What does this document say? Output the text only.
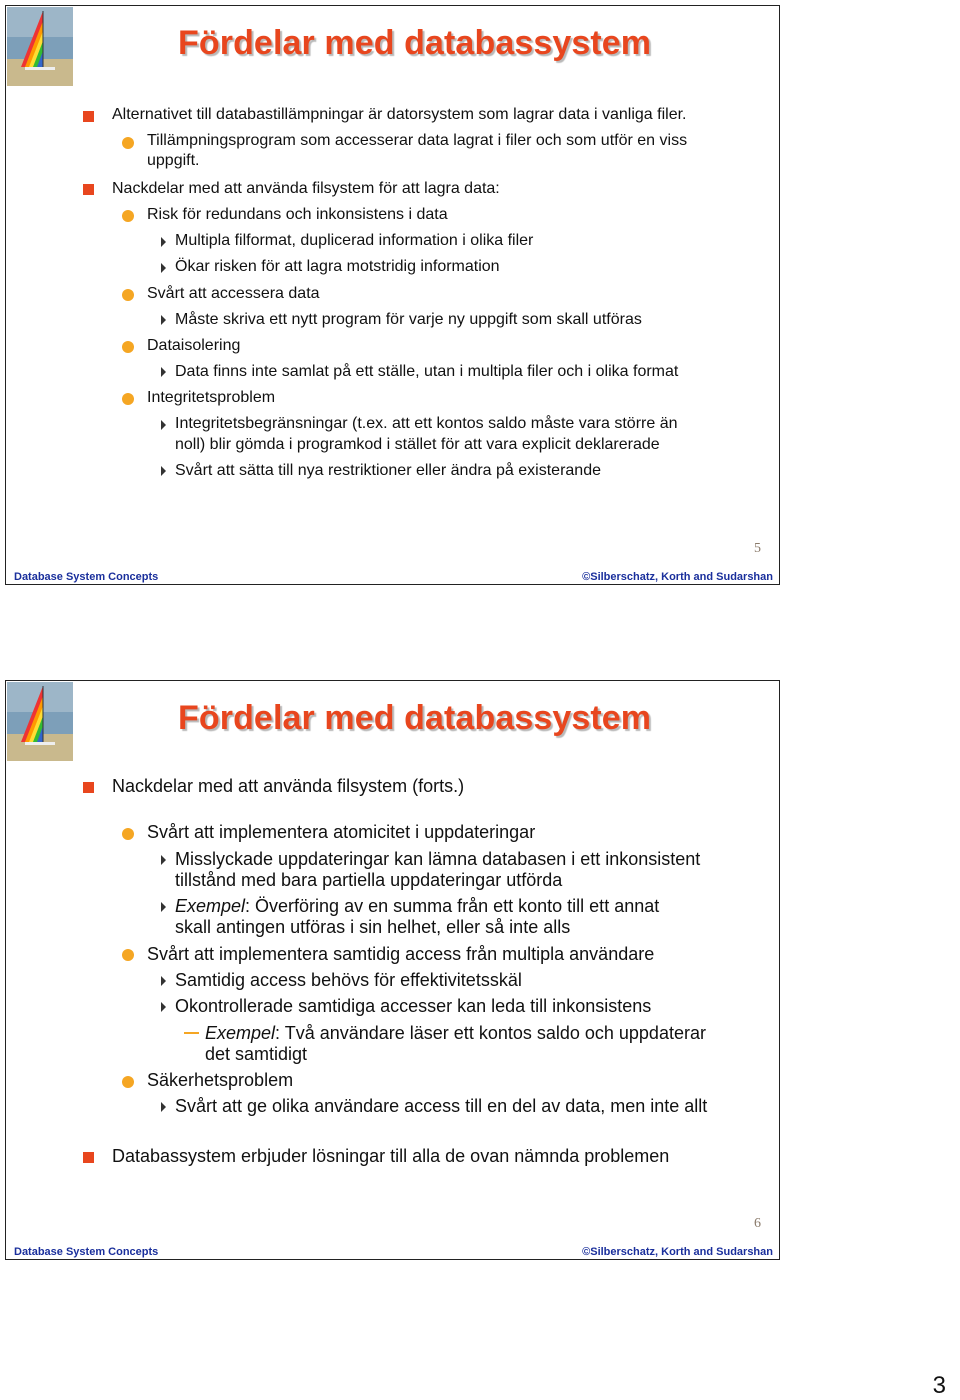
Fördelar med databassystem
Alternativet till databastillämpningar är datorsystem som lagrar data i vanliga filer.
Tillämpningsprogram som accesserar data lagrat i filer och som utför en viss
uppgift.
Nackdelar med att använda filsystem för att lagra data:
Risk för redundans och inkonsistens i data
Multipla filformat, duplicerad information i olika filer
Ökar risken för att lagra motstridig information
Svårt att accessera data
Måste skriva ett nytt program för varje ny uppgift som skall utföras
Dataisolering
Data finns inte samlat på ett ställe, utan i multipla filer och i olika format
Integritetsproblem
Integritetsbegränsningar (t.ex. att ett kontos saldo måste vara större än
noll) blir gömda i programkod i stället för att vara explicit deklarerade
Svårt att sätta till nya restriktioner eller ändra på existerande
5
Database System Concepts	©Silberschatz, Korth and Sudarshan
Fördelar med databassystem
Nackdelar med att använda filsystem (forts.)
Svårt att implementera atomicitet i uppdateringar
Misslyckade uppdateringar kan lämna databasen i ett inkonsistent
tillstånd med bara partiella uppdateringar utförda
Exempel: Överföring av en summa från ett konto till ett annat
skall antingen utföras i sin helhet, eller så inte alls
Svårt att implementera samtidig access från multipla användare
Samtidig access behövs för effektivitetsskäl
Okontrollerade samtidiga accesser kan leda till inkonsistens
Exempel: Två användare läser ett kontos saldo och uppdaterar
det samtidigt
Säkerhetsproblem
Svårt att ge olika användare access till en del av data, men inte allt
Databassystem erbjuder lösningar till alla de ovan nämnda problemen
6
Database System Concepts	©Silberschatz, Korth and Sudarshan
3
